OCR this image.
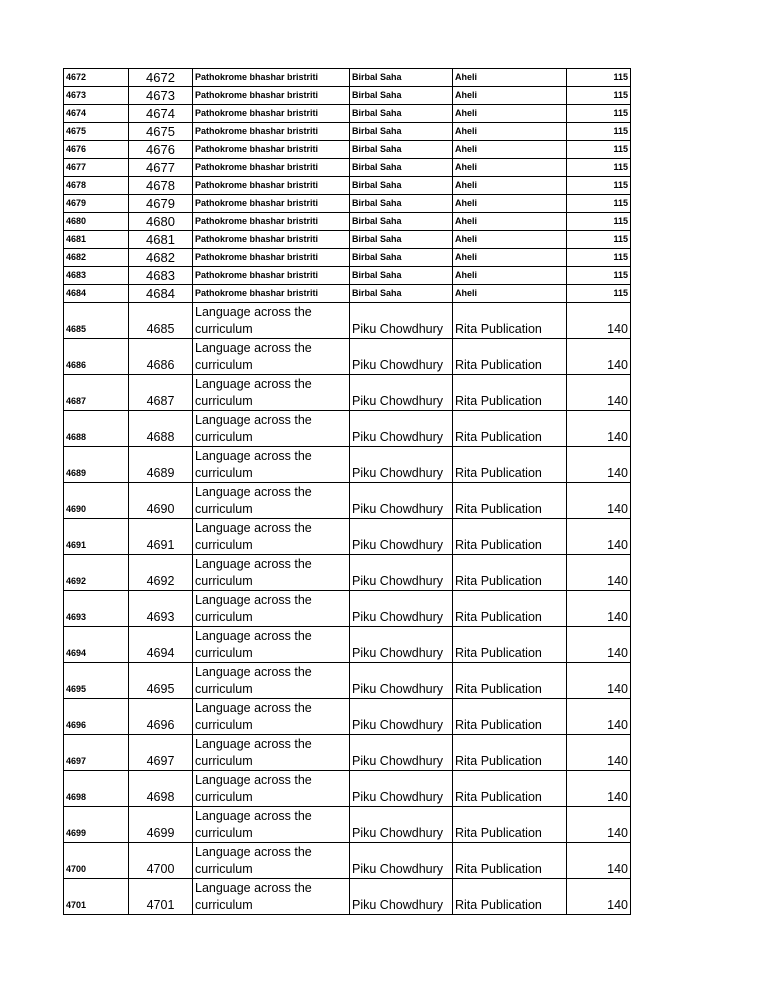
4672	4672	Pathokrome bhashar bristriti	Birbal Saha	Aheli	115
4673	4673	Pathokrome bhashar bristriti	Birbal Saha	Aheli	115
4674	4674	Pathokrome bhashar bristriti	Birbal Saha	Aheli	115
4675	4675	Pathokrome bhashar bristriti	Birbal Saha	Aheli	115
4676	4676	Pathokrome bhashar bristriti	Birbal Saha	Aheli	115
4677	4677	Pathokrome bhashar bristriti	Birbal Saha	Aheli	115
4678	4678	Pathokrome bhashar bristriti	Birbal Saha	Aheli	115
4679	4679	Pathokrome bhashar bristriti	Birbal Saha	Aheli	115
4680	4680	Pathokrome bhashar bristriti	Birbal Saha	Aheli	115
4681	4681	Pathokrome bhashar bristriti	Birbal Saha	Aheli	115
4682	4682	Pathokrome bhashar bristriti	Birbal Saha	Aheli	115
4683	4683	Pathokrome bhashar bristriti	Birbal Saha	Aheli	115
4684	4684	Pathokrome bhashar bristriti	Birbal Saha	Aheli	115
4685	4685	Language across the curriculum	Piku Chowdhury	Rita Publication	140
4686	4686	Language across the curriculum	Piku Chowdhury	Rita Publication	140
4687	4687	Language across the curriculum	Piku Chowdhury	Rita Publication	140
4688	4688	Language across the curriculum	Piku Chowdhury	Rita Publication	140
4689	4689	Language across the curriculum	Piku Chowdhury	Rita Publication	140
4690	4690	Language across the curriculum	Piku Chowdhury	Rita Publication	140
4691	4691	Language across the curriculum	Piku Chowdhury	Rita Publication	140
4692	4692	Language across the curriculum	Piku Chowdhury	Rita Publication	140
4693	4693	Language across the curriculum	Piku Chowdhury	Rita Publication	140
4694	4694	Language across the curriculum	Piku Chowdhury	Rita Publication	140
4695	4695	Language across the curriculum	Piku Chowdhury	Rita Publication	140
4696	4696	Language across the curriculum	Piku Chowdhury	Rita Publication	140
4697	4697	Language across the curriculum	Piku Chowdhury	Rita Publication	140
4698	4698	Language across the curriculum	Piku Chowdhury	Rita Publication	140
4699	4699	Language across the curriculum	Piku Chowdhury	Rita Publication	140
4700	4700	Language across the curriculum	Piku Chowdhury	Rita Publication	140
4701	4701	Language across the curriculum	Piku Chowdhury	Rita Publication	140
